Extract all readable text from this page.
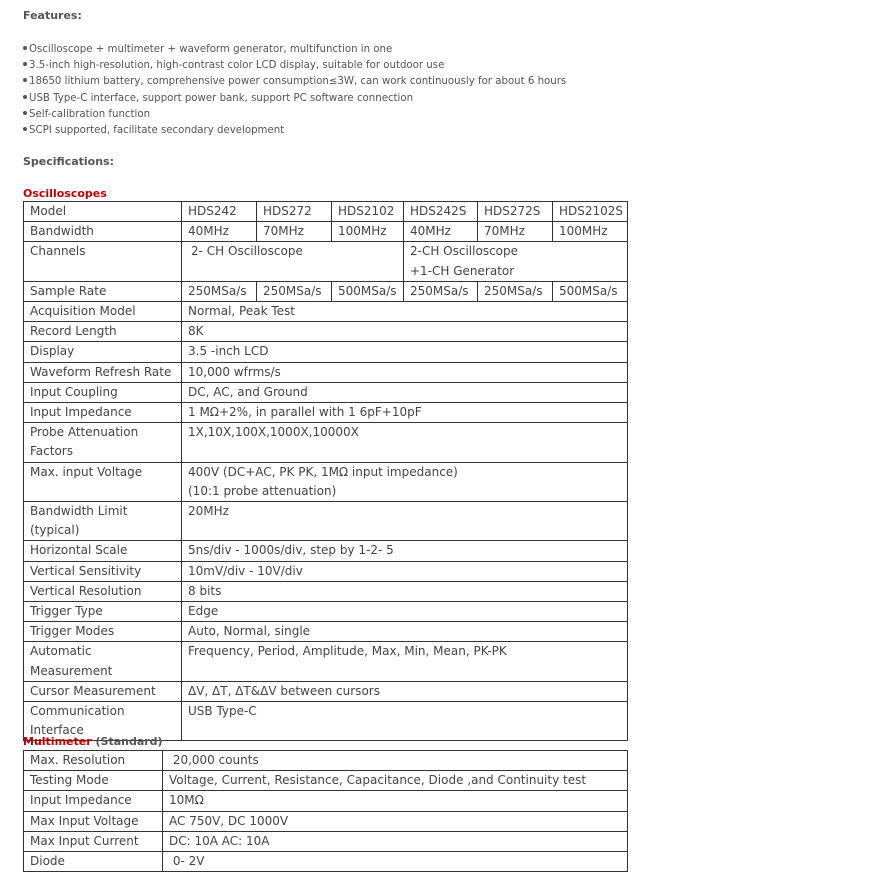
Features:
Oscilloscope + multimeter + waveform generator, multifunction in one
3.5-inch high-resolution, high-contrast color LCD display, suitable for outdoor use
18650 lithium battery, comprehensive power consumption≤3W, can work continuously for about 6 hours
USB Type-C interface, support power bank, support PC software connection
Self-calibration function
SCPI supported, facilitate secondary development
Specifications:
Oscilloscopes
Model	HDS242	HDS272	HDS2102	HDS242S	HDS272S	HDS2102S
Bandwidth	40MHz	70MHz	100MHz	40MHz	70MHz	100MHz
Channels	2- CH Oscilloscope			2-CH Oscilloscope
+1-CH Generator		

Sample Rate	250MSa/s	250MSa/s	500MSa/s	250MSa/s	250MSa/s	500MSa/s
Acquisition Model	Normal, Peak Test					
Record Length	8K					
Display	3.5 -inch LCD					
Waveform Refresh Rate	10,000 wfrms/s					
Input Coupling	DC, AC, and Ground					
Input Impedance	1 MΩ+2%, in parallel with 1 6pF+10pF					
Probe Attenuation Factors	1X,10X,100X,1000X,10000X					
Max. input Voltage	400V (DC+AC, PK PK, 1MΩ input impedance)
(10:1 probe attenuation)					

Bandwidth Limit (typical)	20MHz					
Horizontal Scale	5ns/div - 1000s/div, step by 1-2- 5					
Vertical Sensitivity	10mV/div - 10V/div					
Vertical Resolution	8 bits					
Trigger Type	Edge					
Trigger Modes	Auto, Normal, single					
Automatic Measurement	Frequency, Period, Amplitude, Max, Min, Mean, PK-PK					
Cursor Measurement	ΔV, ΔT, ΔT&ΔV between cursors					
Communication Interface	USB Type-C					
Multimeter (Standard)
Max. Resolution	20,000 counts
Testing Mode	Voltage, Current, Resistance, Capacitance, Diode ,and Continuity test
Input Impedance	10MΩ
Max Input Voltage	AC 750V, DC 1000V
Max Input Current	DC: 10A AC: 10A
Diode	0- 2V
